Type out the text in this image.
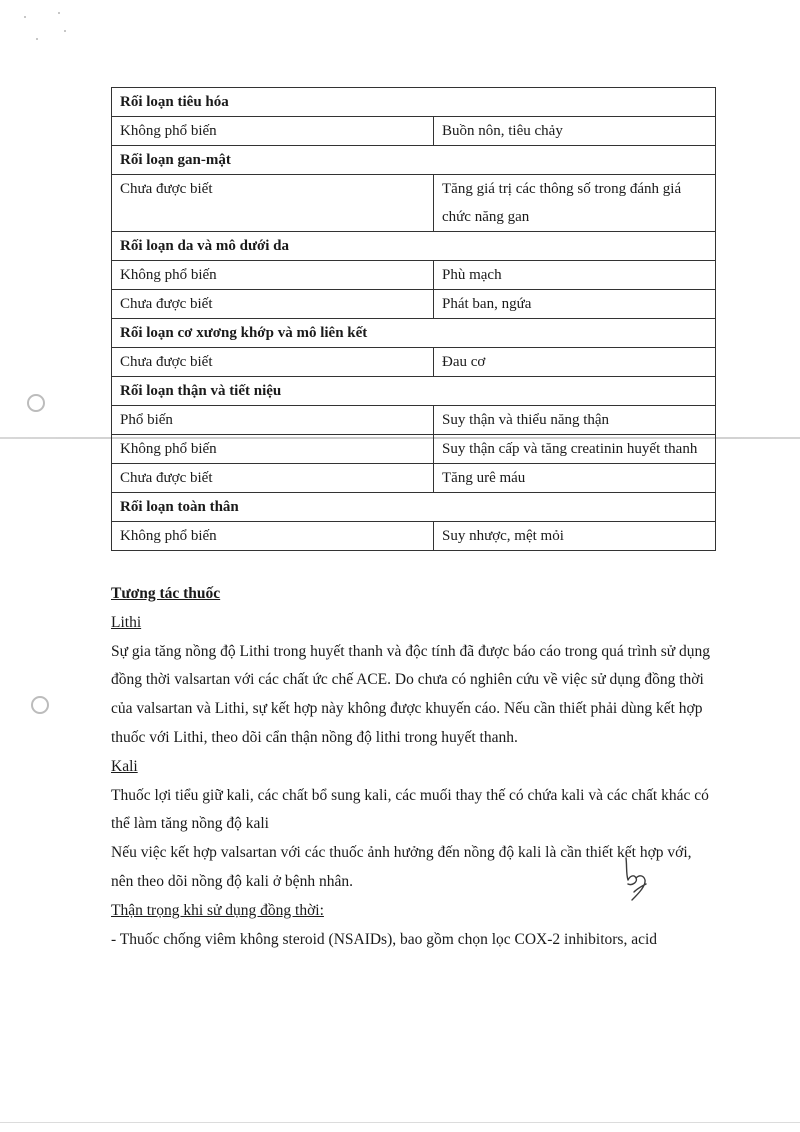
Rối loạn tiêu hóa	
Không phổ biến	Buồn nôn, tiêu chảy
Rối loạn gan-mật	
Chưa được biết	Tăng giá trị các thông số trong đánh giá chức năng gan
Rối loạn da và mô dưới da	
Không phổ biến	Phù mạch
Chưa được biết	Phát ban, ngứa
Rối loạn cơ xương khớp và mô liên kết	
Chưa được biết	Đau cơ
Rối loạn thận và tiết niệu	
Phổ biến	Suy thận và thiểu năng thận
Không phổ biến	Suy thận cấp và tăng creatinin huyết thanh
Chưa được biết	Tăng urê máu
Rối loạn toàn thân	
Không phổ biến	Suy nhược, mệt mỏi

Tương tác thuốc

Lithi

Sự gia tăng nồng độ Lithi trong huyết thanh và độc tính đã được báo cáo trong quá trình sử dụng đồng thời valsartan với các chất ức chế ACE. Do chưa có nghiên cứu về việc sử dụng đồng thời của valsartan và Lithi, sự kết hợp này không được khuyến cáo. Nếu cần thiết phải dùng kết hợp thuốc với Lithi, theo dõi cẩn thận nồng độ lithi trong huyết thanh.

Kali

Thuốc lợi tiểu giữ kali, các chất bổ sung kali, các muối thay thế có chứa kali và các chất khác có thể làm tăng nồng độ kali

Nếu việc kết hợp valsartan với các thuốc ảnh hưởng đến nồng độ kali là cần thiết kết hợp với, nên theo dõi nồng độ kali ở bệnh nhân.

Thận trọng khi sử dụng đồng thời:

- Thuốc chống viêm không steroid (NSAIDs), bao gồm chọn lọc COX-2 inhibitors, acid
